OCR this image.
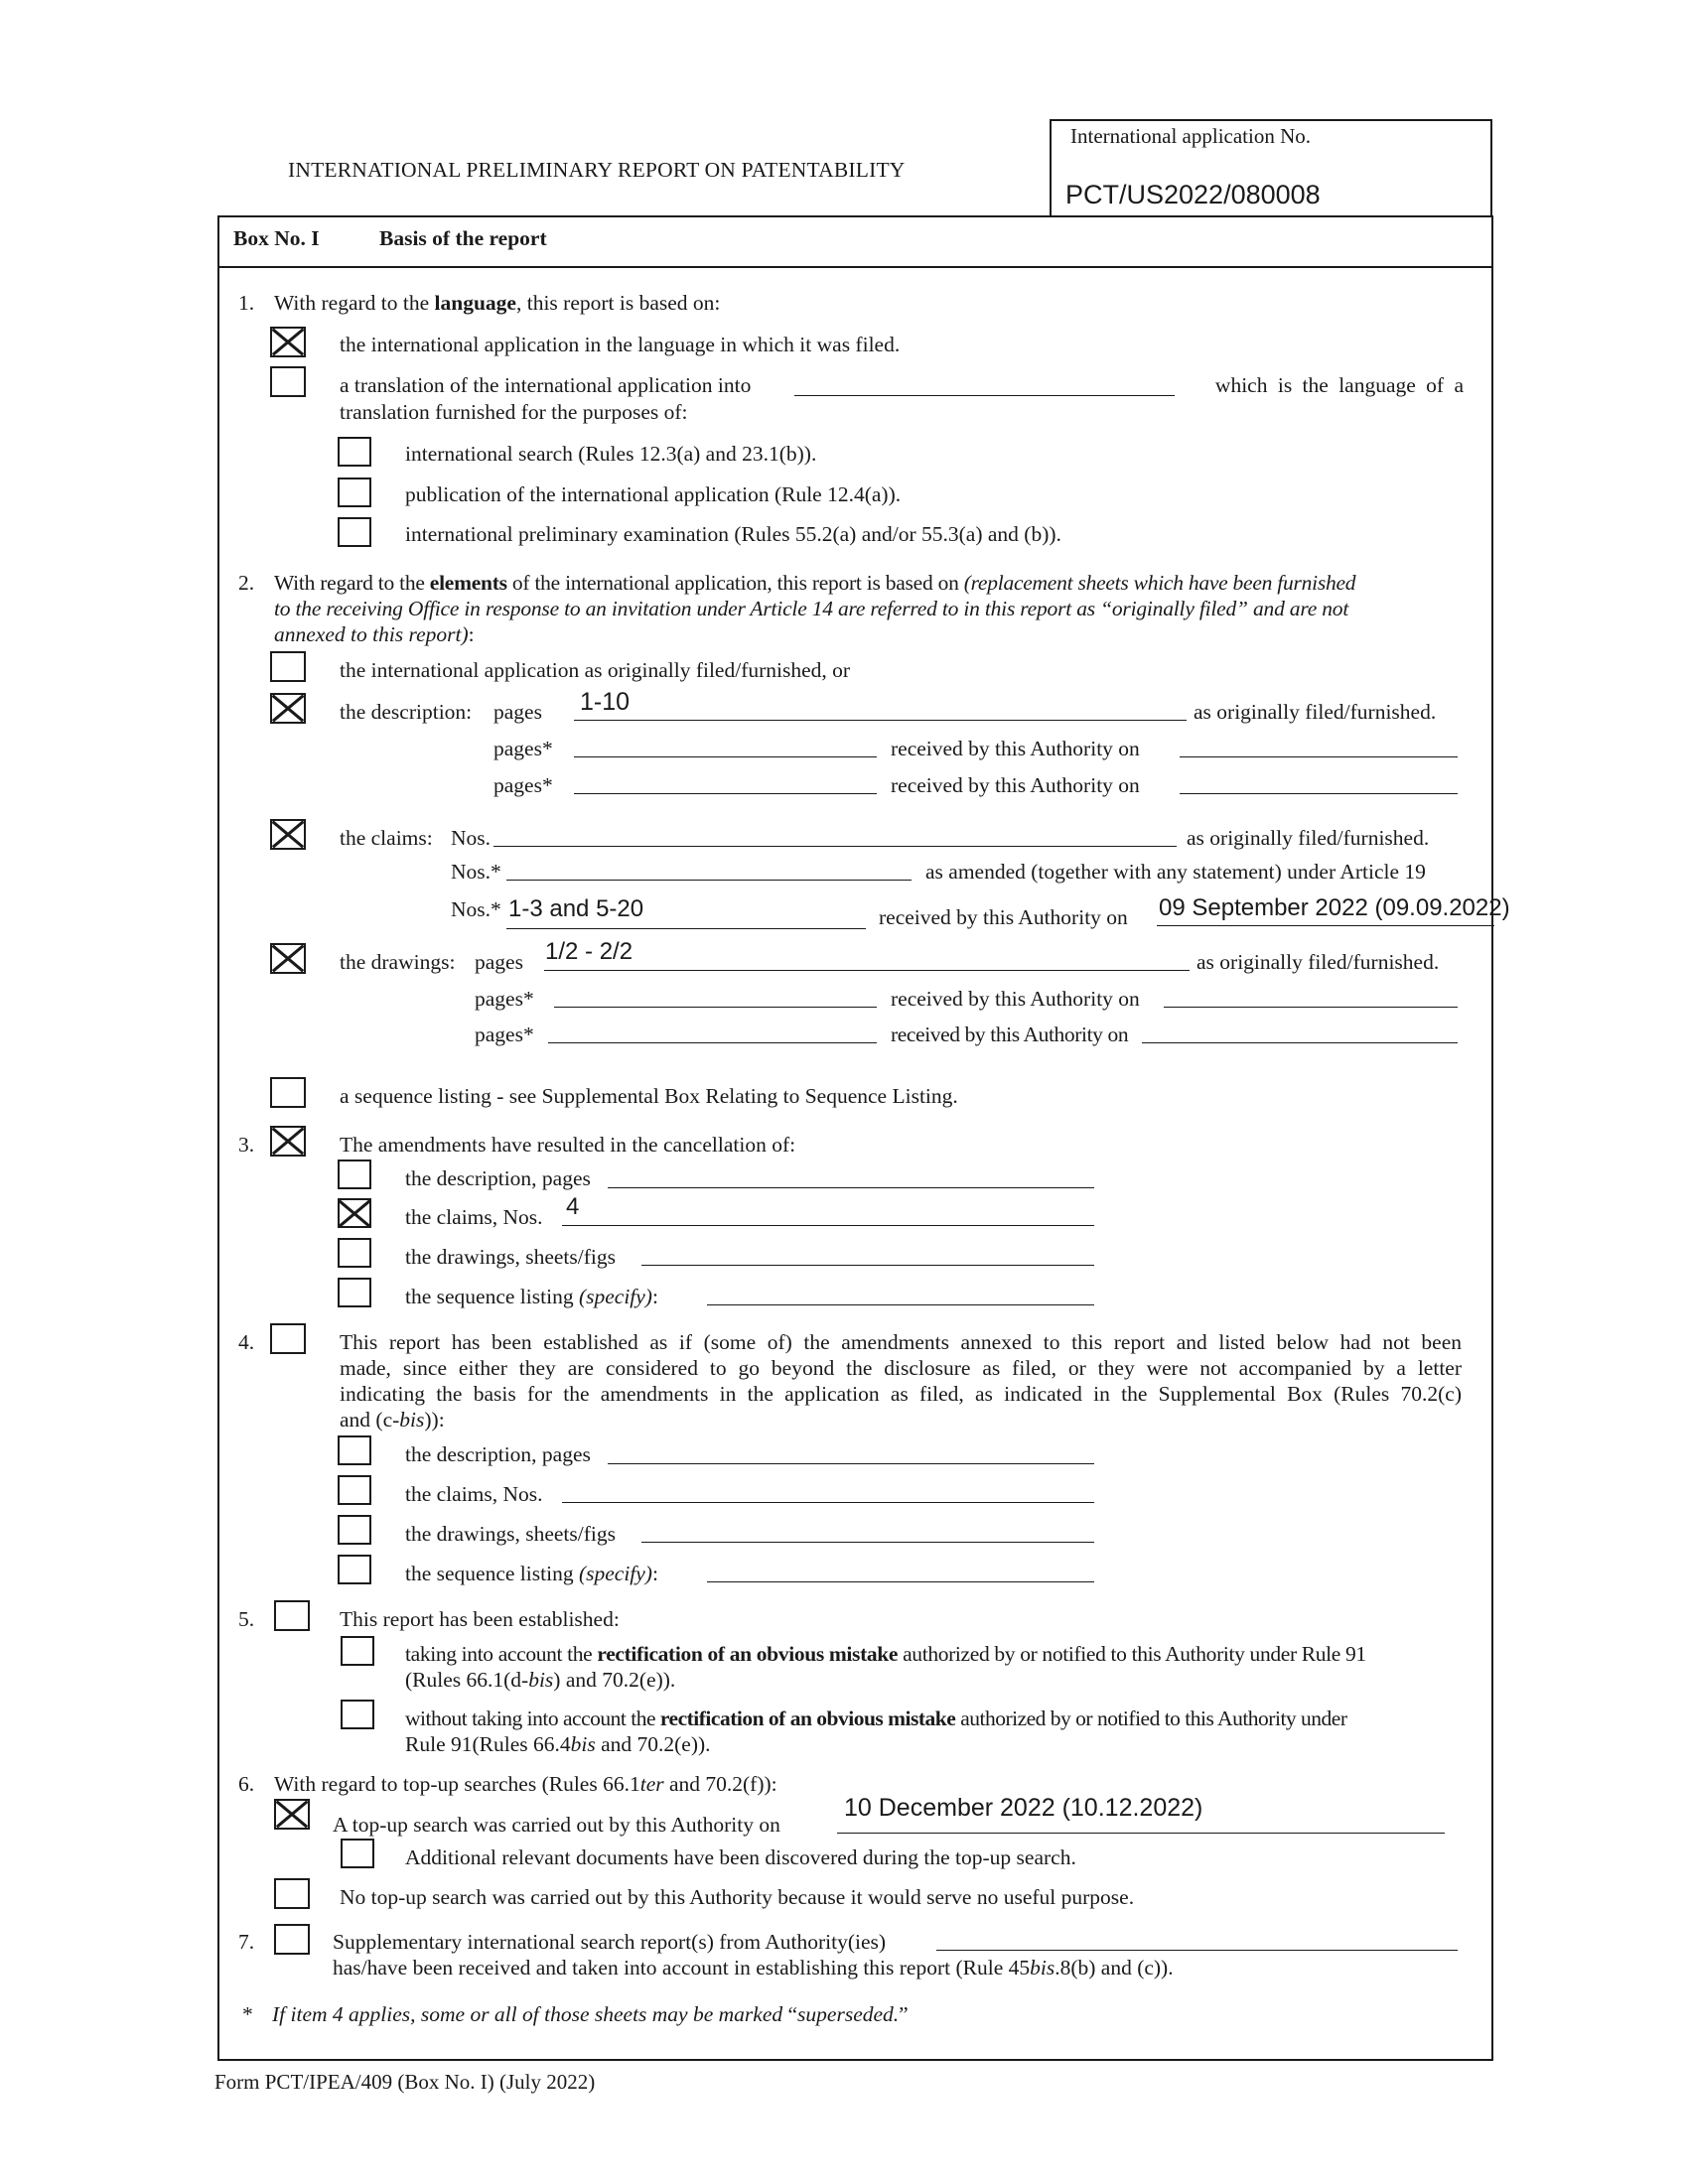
INTERNATIONAL PRELIMINARY REPORT ON PATENTABILITY
International application No.
PCT/US2022/080008
Box No. I	Basis of the report
1. With regard to the language, this report is based on:
the international application in the language in which it was filed.
a translation of the international application into	which is the language of a
translation furnished for the purposes of:
international search (Rules 12.3(a) and 23.1(b)).
publication of the international application (Rule 12.4(a)).
international preliminary examination (Rules 55.2(a) and/or 55.3(a) and (b)).
2. With regard to the elements of the international application, this report is based on (replacement sheets which have been furnished
to the receiving Office in response to an invitation under Article 14 are referred to in this report as “originally filed” and are not
annexed to this report):
the international application as originally filed/furnished, or
the description: pages 1-10	as originally filed/furnished.
pages*	received by this Authority on
pages*	received by this Authority on
the claims: Nos.	as originally filed/furnished.
Nos.*	as amended (together with any statement) under Article 19
Nos.* 1-3 and 5-20	received by this Authority on 09 September 2022 (09.09.2022)
the drawings: pages 1/2 - 2/2	as originally filed/furnished.
pages*	received by this Authority on
pages*	received by this Authority on
a sequence listing - see Supplemental Box Relating to Sequence Listing.
3.	The amendments have resulted in the cancellation of:
the description, pages
the claims, Nos. 4
the drawings, sheets/figs
the sequence listing (specify):
4.	This report has been established as if (some of) the amendments annexed to this report and listed below had not been
made, since either they are considered to go beyond the disclosure as filed, or they were not accompanied by a letter
indicating the basis for the amendments in the application as filed, as indicated in the Supplemental Box (Rules 70.2(c)
and (c-bis)):
the description, pages
the claims, Nos.
the drawings, sheets/figs
the sequence listing (specify):
5.	This report has been established:
taking into account the rectification of an obvious mistake authorized by or notified to this Authority under Rule 91
(Rules 66.1(d-bis) and 70.2(e)).
without taking into account the rectification of an obvious mistake authorized by or notified to this Authority under
Rule 91(Rules 66.4bis and 70.2(e)).
6. With regard to top-up searches (Rules 66.1ter and 70.2(f)):
A top-up search was carried out by this Authority on
10 December 2022 (10.12.2022)
Additional relevant documents have been discovered during the top-up search.
No top-up search was carried out by this Authority because it would serve no useful purpose.
7.	Supplementary international search report(s) from Authority(ies)
has/have been received and taken into account in establishing this report (Rule 45bis.8(b) and (c)).
* If item 4 applies, some or all of those sheets may be marked “superseded.”
Form PCT/IPEA/409 (Box No. I) (July 2022)
